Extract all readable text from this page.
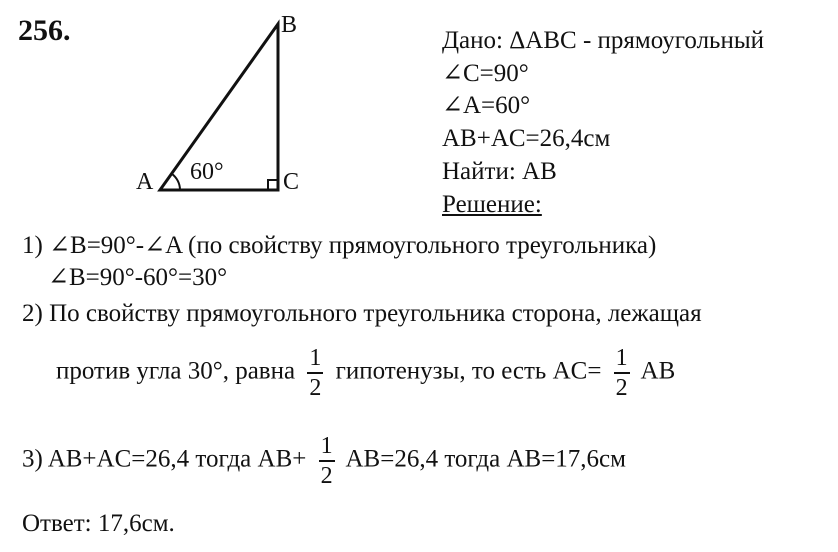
256.
A
B
C
60°
Дано: ΔABC - прямоугольный
∠C=90°
∠A=60°
AB+AC=26,4см
Найти: AB
Решение:
1) ∠B=90°-∠A (по свойству прямоугольного треугольника)
∠B=90°-60°=30°
2) По свойству прямоугольного треугольника сторона, лежащая
против угла 30°, равна $\frac{1}{2}$ гипотенузы, то есть $AC= \frac{1}{2}$ AB
3) AB+AC=26,4 тогда $AB+ \frac{1}{2} AB=26,4$ тогда AB=17,6см
Ответ: 17,6см.
